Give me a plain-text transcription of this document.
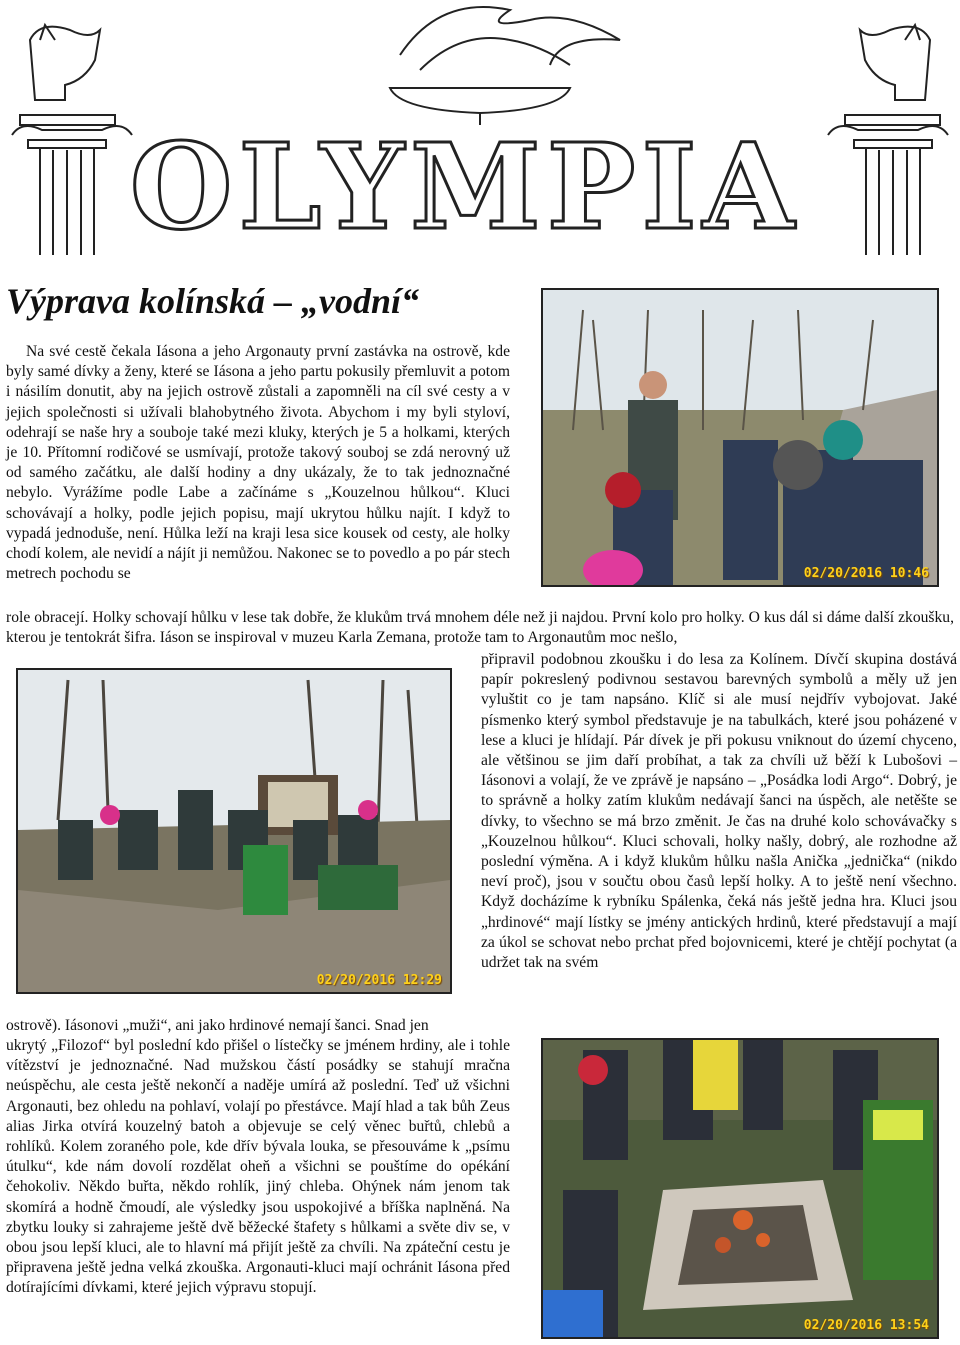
OLYMPIA
Výprava kolínská – „vodní“

Na své cestě čekala Iásona a jeho Argonauty první zastávka na ostrově, kde byly samé dívky a ženy, které se Iásona a jeho partu pokusily přemluvit a potom i násilím donutit, aby na jejich ostrově zůstali a zapomněli na cíl své cesty a v jejich společnosti si užívali blahobytného života. Abychom i my byli styloví, odehrají se naše hry a souboje také mezi kluky, kterých je 5 a holkami, kterých je 10. Přítomní rodičové se usmívají, protože takový souboj se zdá nerovný už od samého začátku, ale další hodiny a dny ukázaly, že to tak jednoznačné nebylo. Vyrážíme podle Labe a začínáme s „Kouzelnou hůlkou“. Kluci schovávají a holky, podle jejich popisu, mají ukrytou hůlku najít. I když to vypadá jednoduše, není. Hůlka leží na kraji lesa sice kousek od cesty, ale holky chodí kolem, ale nevidí a nájít ji nemůžou. Nakonec se to povedlo a po pár stech metrech pochodu se

role obracejí. Holky schovají hůlku v lese tak dobře, že klukům trvá mnohem déle než ji najdou. První kolo pro holky. O kus dál si dáme další zkoušku, kterou je tentokrát šifra. Iáson se inspiroval v muzeu Karla Zemana, protože tam to Argonautům moc nešlo,

připravil podobnou zkoušku i do lesa za Kolínem. Dívčí skupina dostává papír pokreslený podivnou sestavou barevných symbolů a měly už jen vyluštit co je tam napsáno. Klíč si ale musí nejdřív vybojovat. Jaké písmenko který symbol představuje je na tabulkách, které jsou poházené v lese a kluci je hlídají. Pár dívek je při pokusu vniknout do území chyceno, ale většinou se jim daří probíhat, a tak za chvíli už běží k Lubošovi – Iásonovi a volají, že ve zprávě je napsáno – „Posádka lodi Argo“. Dobrý, je to správně a holky zatím klukům nedávají šanci na úspěch, ale netěšte se dívky, to všechno se má brzo změnit. Je čas na druhé kolo schovávačky s „Kouzelnou hůlkou“. Kluci schovali, holky našly, dobrý, ale rozhodne až poslední výměna. A i když klukům hůlku našla Anička „jednička“ (nikdo neví proč), jsou v součtu obou časů lepší holky. A to ještě není všechno. Když docházíme k rybníku Spálenka, čeká nás ještě jedna hra. Kluci jsou „hrdinové“ mají lístky se jmény antických hrdinů, které představují a mají za úkol se schovat nebo prchat před bojovnicemi, které je chtějí pochytat (a udržet tak na svém

ostrově). Iásonovi „muži“, ani jako hrdinové nemají šanci. Snad jen

ukrytý „Filozof“ byl poslední kdo přišel o lístečky se jménem hrdiny, ale i tohle vítězství je jednoznačné. Nad mužskou částí posádky se stahují mračna neúspěchu, ale cesta ještě nekončí a naděje umírá až poslední. Teď už všichni Argonauti, bez ohledu na pohlaví, volají po přestávce. Mají hlad a tak bůh Zeus alias Jirka otvírá kouzelný batoh a objevuje se celý věnec buřtů, chlebů a rohlíků. Kolem zoraného pole, kde dřív bývala louka, se přesouváme k „psímu útulku“, kde nám dovolí rozdělat oheň a všichni se pouštíme do opékání čehokoliv. Někdo buřta, někdo rohlík, jiný chleba. Ohýnek nám jenom tak skomírá a hodně čmoudí, ale výsledky jsou uspokojivé a bříška naplněná. Na zbytku louky si zahrajeme ještě dvě běžecké štafety s hůlkami a světe div se, v obou jsou lepší kluci, ale to hlavní má přijít ještě za chvíli. Na zpáteční cestu je připravena ještě jedna velká zkouška. Argonauti-kluci mají ochránit Iásona před dotírajícími dívkami, které jejich výpravu stopují.

02/20/2016 10:46
02/20/2016 12:29
02/20/2016 13:54
